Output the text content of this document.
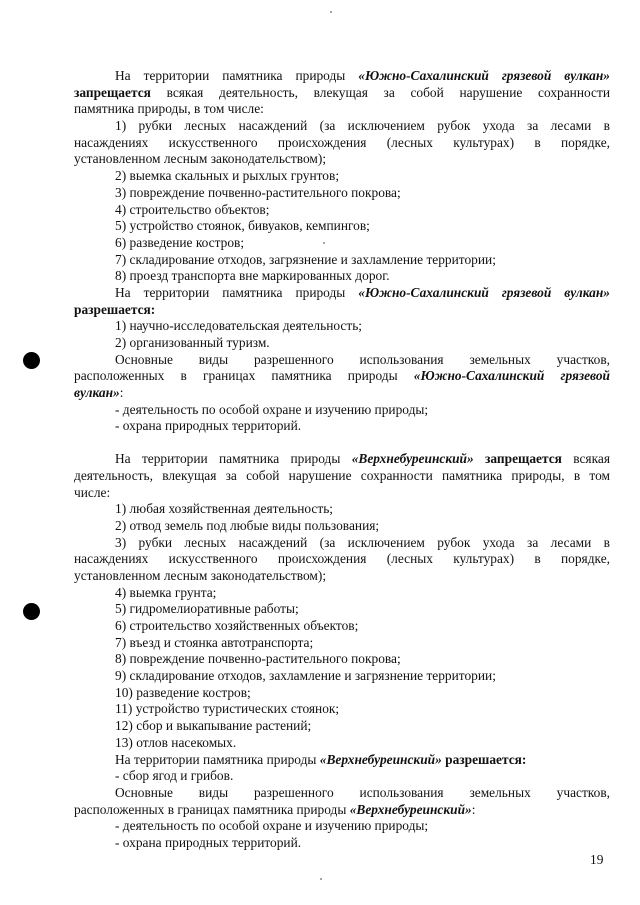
На территории памятника природы «Южно-Сахалинский грязевой вулкан»
запрещается всякая деятельность, влекущая за собой нарушение сохранности
памятника природы, в том числе:
1) рубки лесных насаждений (за исключением рубок ухода за лесами в
насаждениях искусственного происхождения (лесных культурах) в порядке,
установленном лесным законодательством);
2) выемка скальных и рыхлых грунтов;
3) повреждение почвенно-растительного покрова;
4) строительство объектов;
5) устройство стоянок, бивуаков, кемпингов;
6) разведение костров;
7) складирование отходов, загрязнение и захламление территории;
8) проезд транспорта вне маркированных дорог.
На территории памятника природы «Южно-Сахалинский грязевой вулкан»
разрешается:
1) научно-исследовательская деятельность;
2) организованный туризм.
Основные виды разрешенного использования земельных участков,
расположенных в границах памятника природы «Южно-Сахалинский грязевой
вулкан»:
- деятельность по особой охране и изучению природы;
- охрана природных территорий.
На территории памятника природы «Верхнебуреинский» запрещается всякая
деятельность, влекущая за собой нарушение сохранности памятника природы, в том
числе:
1) любая хозяйственная деятельность;
2) отвод земель под любые виды пользования;
3) рубки лесных насаждений (за исключением рубок ухода за лесами в
насаждениях искусственного происхождения (лесных культурах) в порядке,
установленном лесным законодательством);
4) выемка грунта;
5) гидромелиоративные работы;
6) строительство хозяйственных объектов;
7) въезд и стоянка автотранспорта;
8) повреждение почвенно-растительного покрова;
9) складирование отходов, захламление и загрязнение территории;
10) разведение костров;
11) устройство туристических стоянок;
12) сбор и выкапывание растений;
13) отлов насекомых.
На территории памятника природы «Верхнебуреинский» разрешается:
- сбор ягод и грибов.
Основные виды разрешенного использования земельных участков,
расположенных в границах памятника природы «Верхнебуреинский»:
- деятельность по особой охране и изучению природы;
- охрана природных территорий.
19
